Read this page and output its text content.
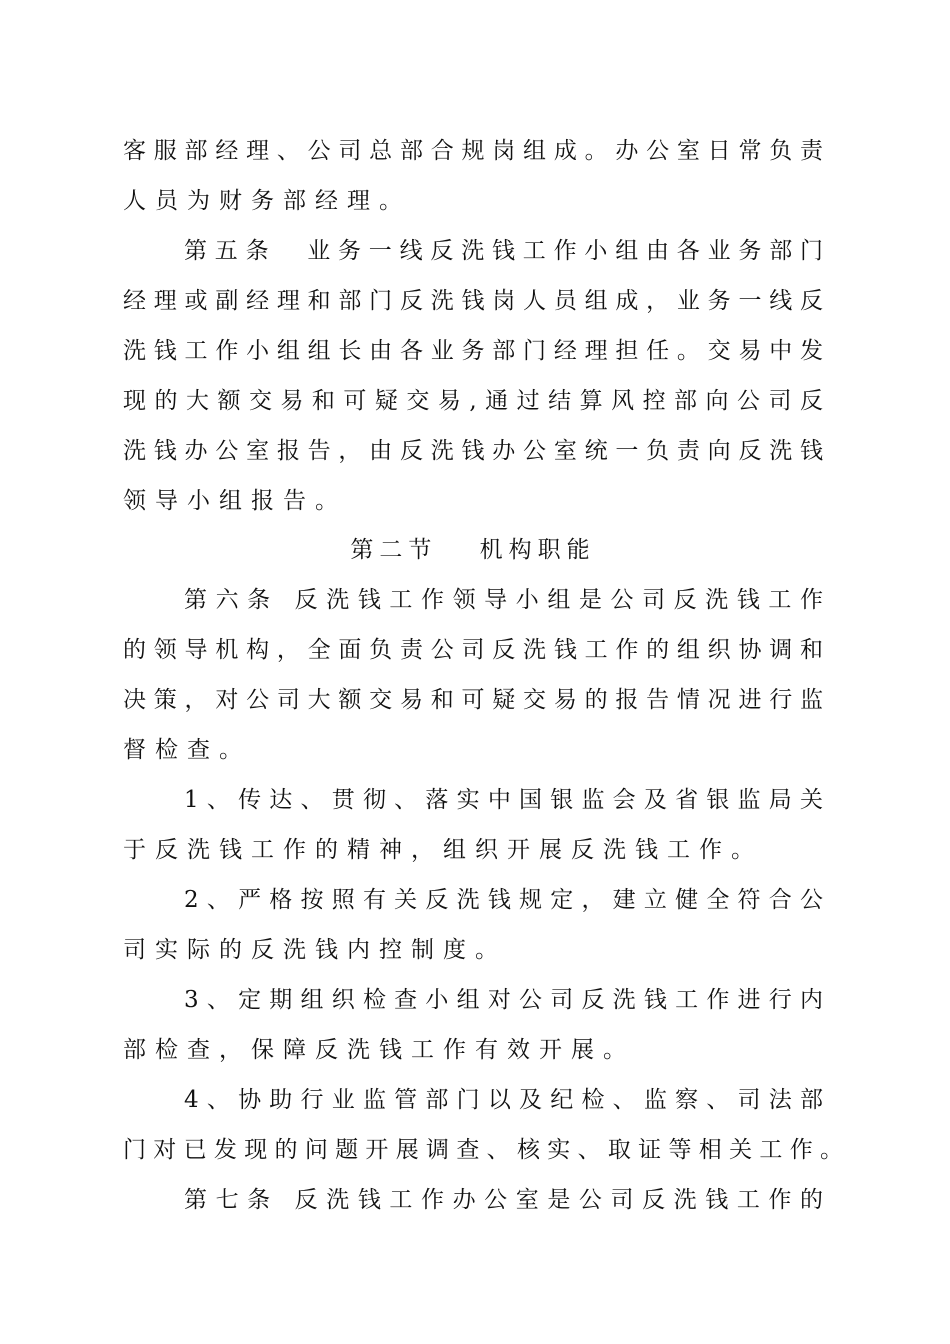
客服部经理、公司总部合规岗组成。办公室日常负责
人员为财务部经理。
第五条　业务一线反洗钱工作小组由各业务部门
经理或副经理和部门反洗钱岗人员组成，业务一线反
洗钱工作小组组长由各业务部门经理担任。交易中发
现的大额交易和可疑交易,通过结算风控部向公司反
洗钱办公室报告，由反洗钱办公室统一负责向反洗钱
领导小组报告。
第二节　 机构职能
第六条 反洗钱工作领导小组是公司反洗钱工作
的领导机构，全面负责公司反洗钱工作的组织协调和
决策，对公司大额交易和可疑交易的报告情况进行监
督检查。
1、传达、贯彻、落实中国银监会及省银监局关
于反洗钱工作的精神，组织开展反洗钱工作。
2、严格按照有关反洗钱规定，建立健全符合公
司实际的反洗钱内控制度。
3、定期组织检查小组对公司反洗钱工作进行内
部检查，保障反洗钱工作有效开展。
4、协助行业监管部门以及纪检、监察、司法部
门对已发现的问题开展调查、核实、取证等相关工作。
第七条 反洗钱工作办公室是公司反洗钱工作的
